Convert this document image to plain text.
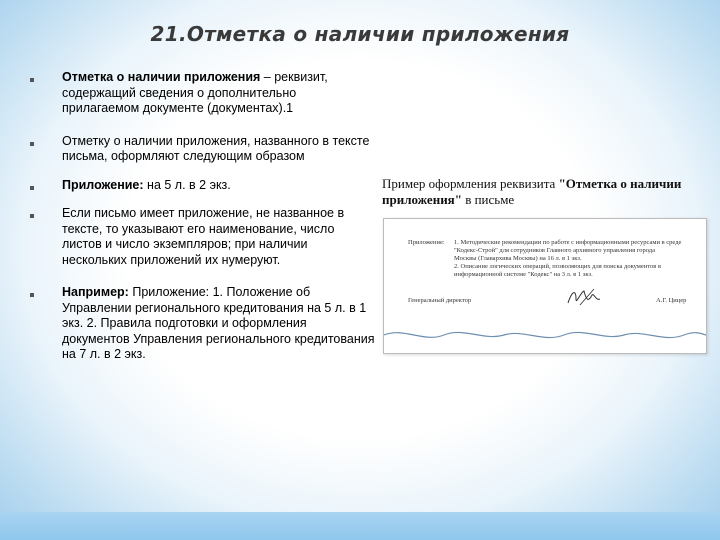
21.Отметка о наличии приложения
Отметка о наличии приложения – реквизит, содержащий сведения о дополнительно прилагаемом документе (документах).1
Отметку о наличии приложения, названного в тексте письма, оформляют следующим образом
Приложение: на 5 л. в 2 экз.
Если письмо имеет приложение, не названное в тексте, то указывают его наименование, число листов и число экземпляров; при наличии нескольких приложений их нумеруют.
Например: Приложение: 1. Положение об Управлении регионального кредитования на 5 л. в 1 экз. 2. Правила подготовки и оформления документов Управления регионального кредитования на 7 л. в 2 экз.
Пример оформления реквизита "Отметка о наличии приложения" в письме
Приложение: 1. Методические рекомендации по работе с информационными ресурсами в среде
"Кодекс-Строй" для сотрудников Главного архивного управления города
Москвы (Главархива Москвы) на 16 л. в 1 экз.
2. Описание логических операций, позволяющих для поиска документов в
информационной системе "Кодекс" на 3 л. в 1 экз.
Генеральный директор	А.Г. Цицер
